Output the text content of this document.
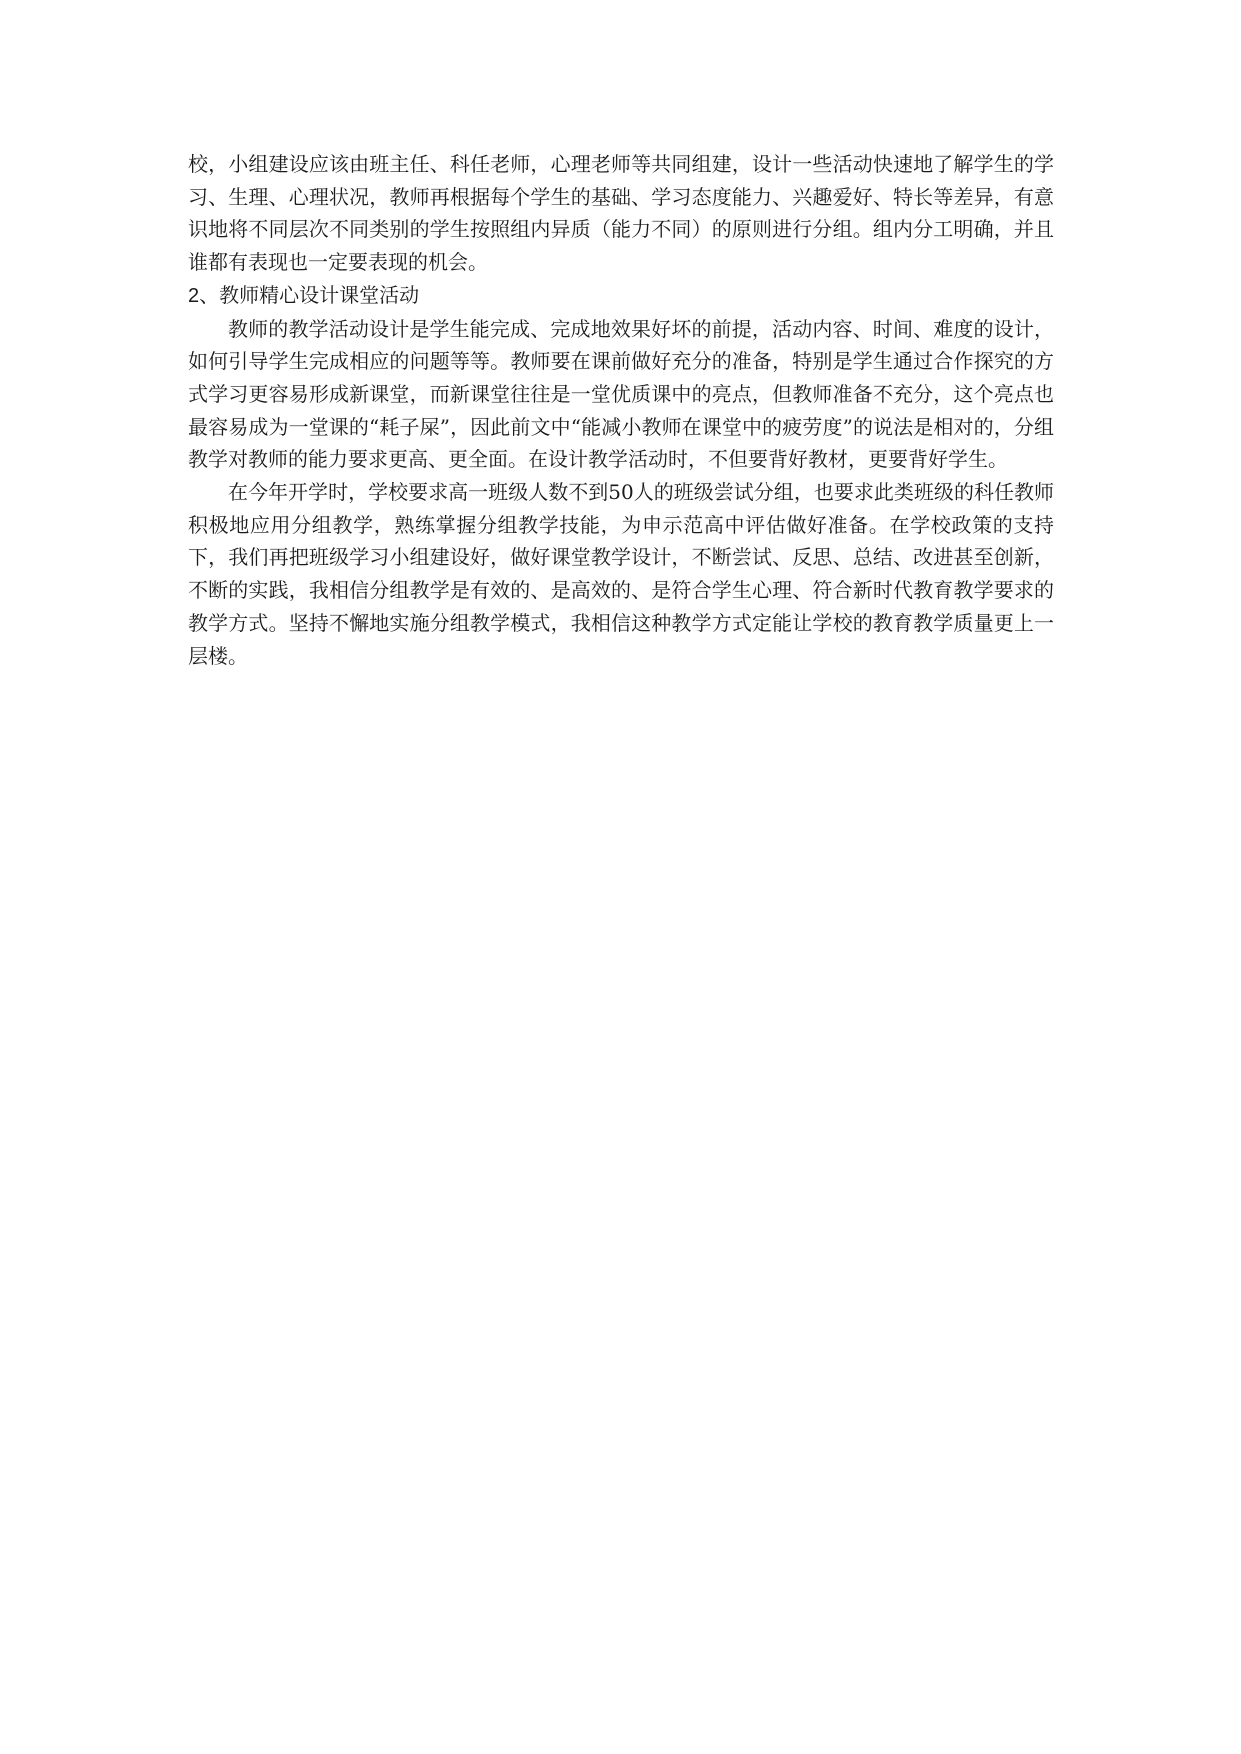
校，小组建设应该由班主任、科任老师，心理老师等共同组建，设计一些活动快速地了解学生的学习、生理、心理状况，教师再根据每个学生的基础、学习态度能力、兴趣爱好、特长等差异，有意识地将不同层次不同类别的学生按照组内异质（能力不同）的原则进行分组。组内分工明确，并且谁都有表现也一定要表现的机会。

2、教师精心设计课堂活动

教师的教学活动设计是学生能完成、完成地效果好坏的前提，活动内容、时间、难度的设计，如何引导学生完成相应的问题等等。教师要在课前做好充分的准备，特别是学生通过合作探究的方式学习更容易形成新课堂，而新课堂往往是一堂优质课中的亮点，但教师准备不充分，这个亮点也最容易成为一堂课的“耗子屎”，因此前文中“能减小教师在课堂中的疲劳度”的说法是相对的，分组教学对教师的能力要求更高、更全面。在设计教学活动时，不但要背好教材，更要背好学生。

在今年开学时，学校要求高一班级人数不到50人的班级尝试分组，也要求此类班级的科任教师积极地应用分组教学，熟练掌握分组教学技能，为申示范高中评估做好准备。在学校政策的支持下，我们再把班级学习小组建设好，做好课堂教学设计，不断尝试、反思、总结、改进甚至创新，不断的实践，我相信分组教学是有效的、是高效的、是符合学生心理、符合新时代教育教学要求的教学方式。坚持不懈地实施分组教学模式，我相信这种教学方式定能让学校的教育教学质量更上一层楼。
